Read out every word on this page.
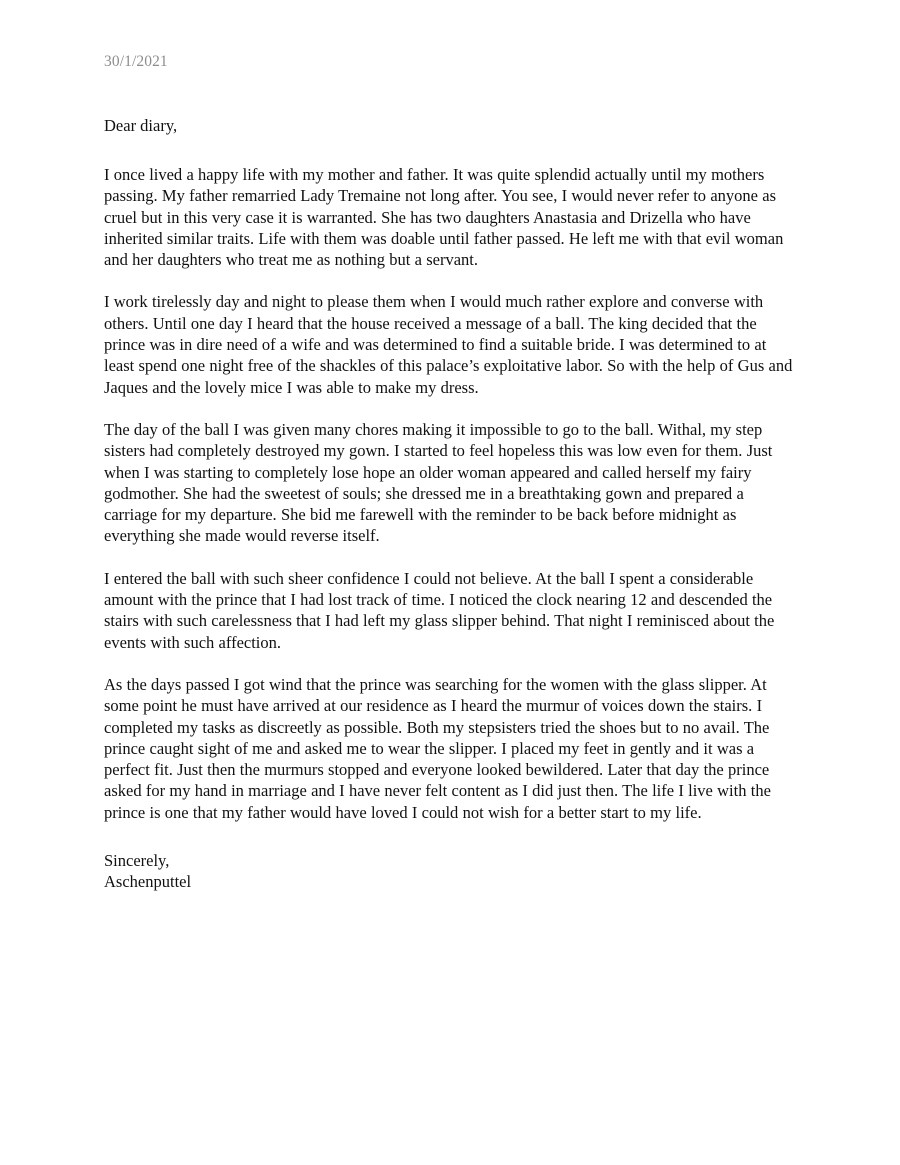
30/1/2021
Dear diary,

I once lived a happy life with my mother and father. It was quite splendid actually until my mothers passing. My father remarried Lady Tremaine not long after. You see, I would never refer to anyone as cruel but in this very case it is warranted. She has two daughters Anastasia and Drizella who have inherited similar traits. Life with them was doable until father passed. He left me with that evil woman and her daughters who treat me as nothing but a servant.

I work tirelessly day and night to please them when I would much rather explore and converse with others. Until one day I heard that the house received a message of a ball. The king decided that the prince was in dire need of a wife and was determined to find a suitable bride. I was determined to at least spend one night free of the shackles of this palace’s exploitative labor. So with the help of Gus and Jaques and the lovely mice I was able to make my dress.

The day of the ball I was given many chores making it impossible to go to the ball. Withal, my step sisters had completely destroyed my gown. I started to feel hopeless this was low even for them. Just when I was starting to completely lose hope an older woman appeared and called herself my fairy godmother. She had the sweetest of souls; she dressed me in a breathtaking gown and prepared a carriage for my departure. She bid me farewell with the reminder to be back before midnight as everything she made would reverse itself.

I entered the ball with such sheer confidence I could not believe. At the ball I spent a considerable amount with the prince that I had lost track of time. I noticed the clock nearing 12 and descended the stairs with such carelessness that I had left my glass slipper behind. That night I reminisced about the events with such affection.

As the days passed I got wind that the prince was searching for the women with the glass slipper. At some point he must have arrived at our residence as I heard the murmur of voices down the stairs. I completed my tasks as discreetly as possible. Both my stepsisters tried the shoes but to no avail. The prince caught sight of me and asked me to wear the slipper. I placed my feet in gently and it was a perfect fit. Just then the murmurs stopped and everyone looked bewildered. Later that day the prince asked for my hand in marriage and I have never felt content as I did just then. The life I live with the prince is one that my father would have loved I could not wish for a better start to my life.

Sincerely,
Aschenputtel
